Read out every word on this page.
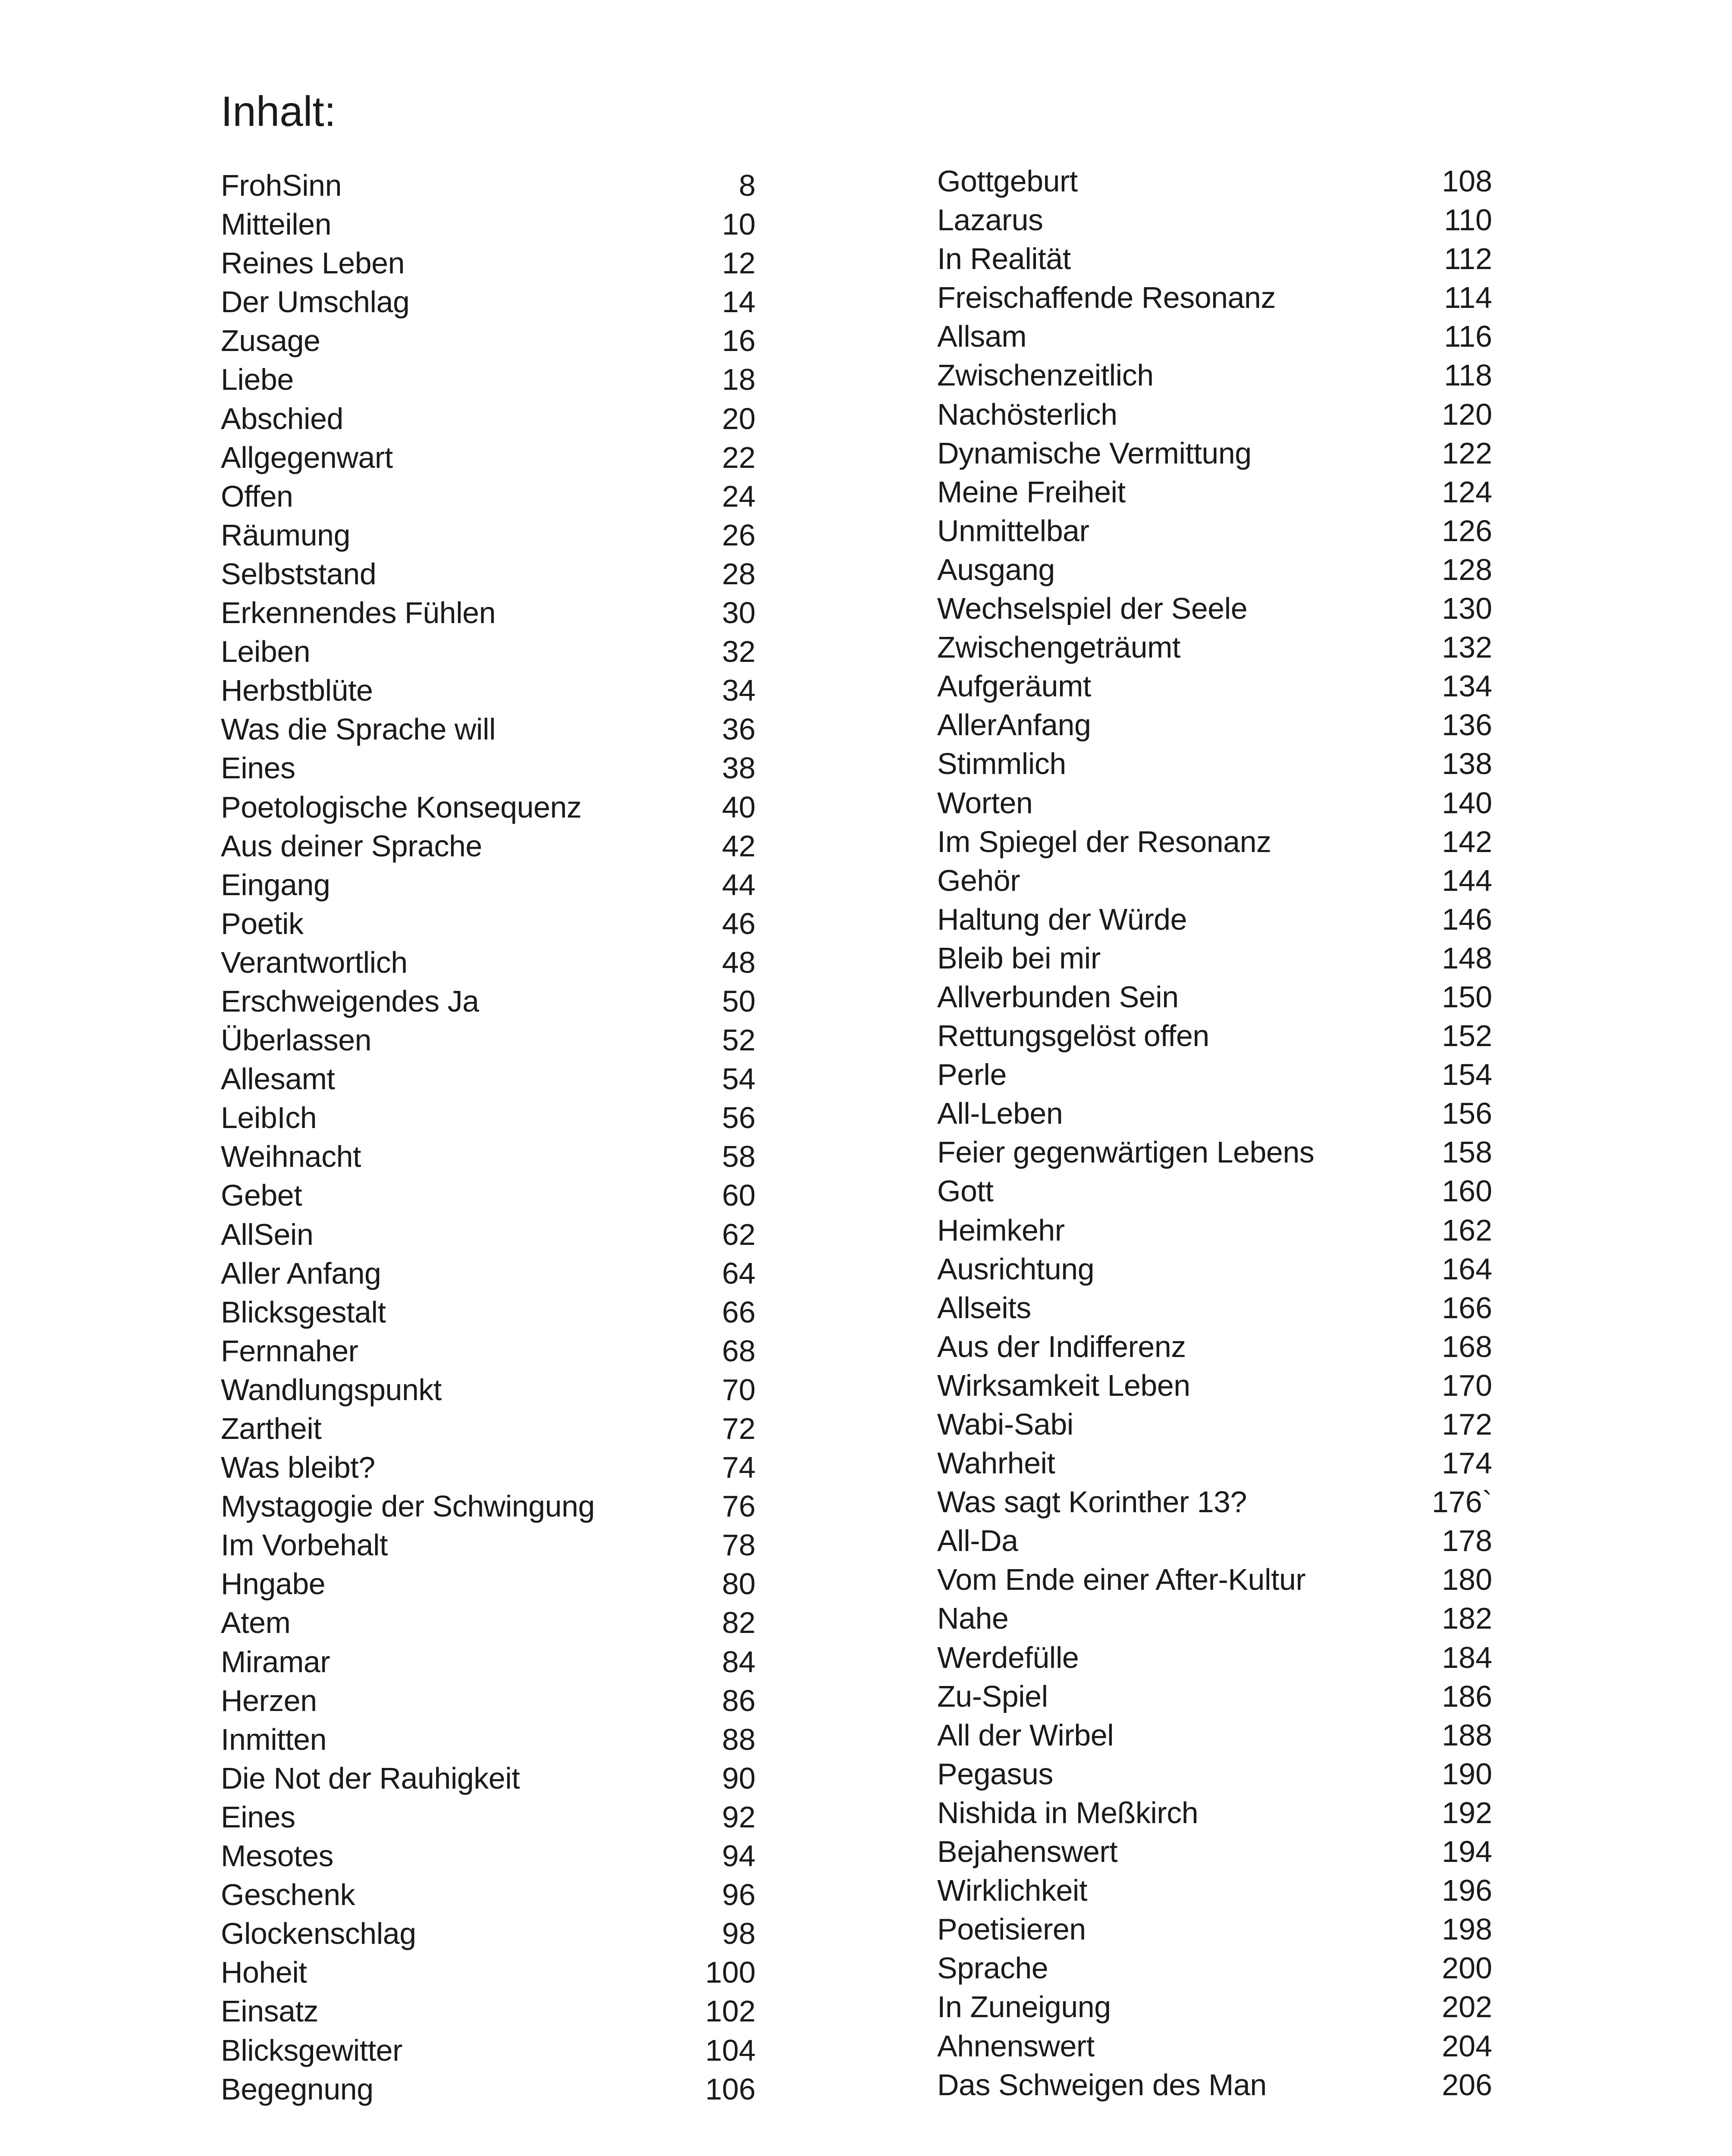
Inhalt:
FrohSinn	8
Mitteilen	10
Reines Leben	12
Der Umschlag	14
Zusage	16
Liebe	18
Abschied	20
Allgegenwart	22
Offen	24
Räumung	26
Selbststand	28
Erkennendes Fühlen	30
Leiben	32
Herbstblüte	34
Was die Sprache will	36
Eines	38
Poetologische Konsequenz	40
Aus deiner Sprache	42
Eingang	44
Poetik	46
Verantwortlich	48
Erschweigendes Ja	50
Überlassen	52
Allesamt	54
LeibIch	56
Weihnacht	58
Gebet	60
AllSein	62
Aller Anfang	64
Blicksgestalt	66
Fernnaher	68
Wandlungspunkt	70
Zartheit	72
Was bleibt?	74
Mystagogie der Schwingung	76
Im Vorbehalt	78
Hngabe	80
Atem	82
Miramar	84
Herzen	86
Inmitten	88
Die Not der Rauhigkeit	90
Eines	92
Mesotes	94
Geschenk	96
Glockenschlag	98
Hoheit	100
Einsatz	102
Blicksgewitter	104
Begegnung	106
Gottgeburt	108
Lazarus	110
In Realität	112
Freischaffende Resonanz	114
Allsam	116
Zwischenzeitlich	118
Nachösterlich	120
Dynamische Vermittung	122
Meine Freiheit	124
Unmittelbar	126
Ausgang	128
Wechselspiel der Seele	130
Zwischengeträumt	132
Aufgeräumt	134
AllerAnfang	136
Stimmlich	138
Worten	140
Im Spiegel der Resonanz	142
Gehör	144
Haltung der Würde	146
Bleib bei mir	148
Allverbunden Sein	150
Rettungsgelöst offen	152
Perle	154
All-Leben	156
Feier gegenwärtigen Lebens	158
Gott	160
Heimkehr	162
Ausrichtung	164
Allseits	166
Aus der Indifferenz	168
Wirksamkeit Leben	170
Wabi-Sabi	172
Wahrheit	174
Was sagt Korinther 13?	176`
All-Da	178
Vom Ende einer After-Kultur	180
Nahe	182
Werdefülle	184
Zu-Spiel	186
All der Wirbel	188
Pegasus	190
Nishida in Meßkirch	192
Bejahenswert	194
Wirklichkeit	196
Poetisieren	198
Sprache	200
In Zuneigung	202
Ahnenswert	204
Das Schweigen des Man	206
